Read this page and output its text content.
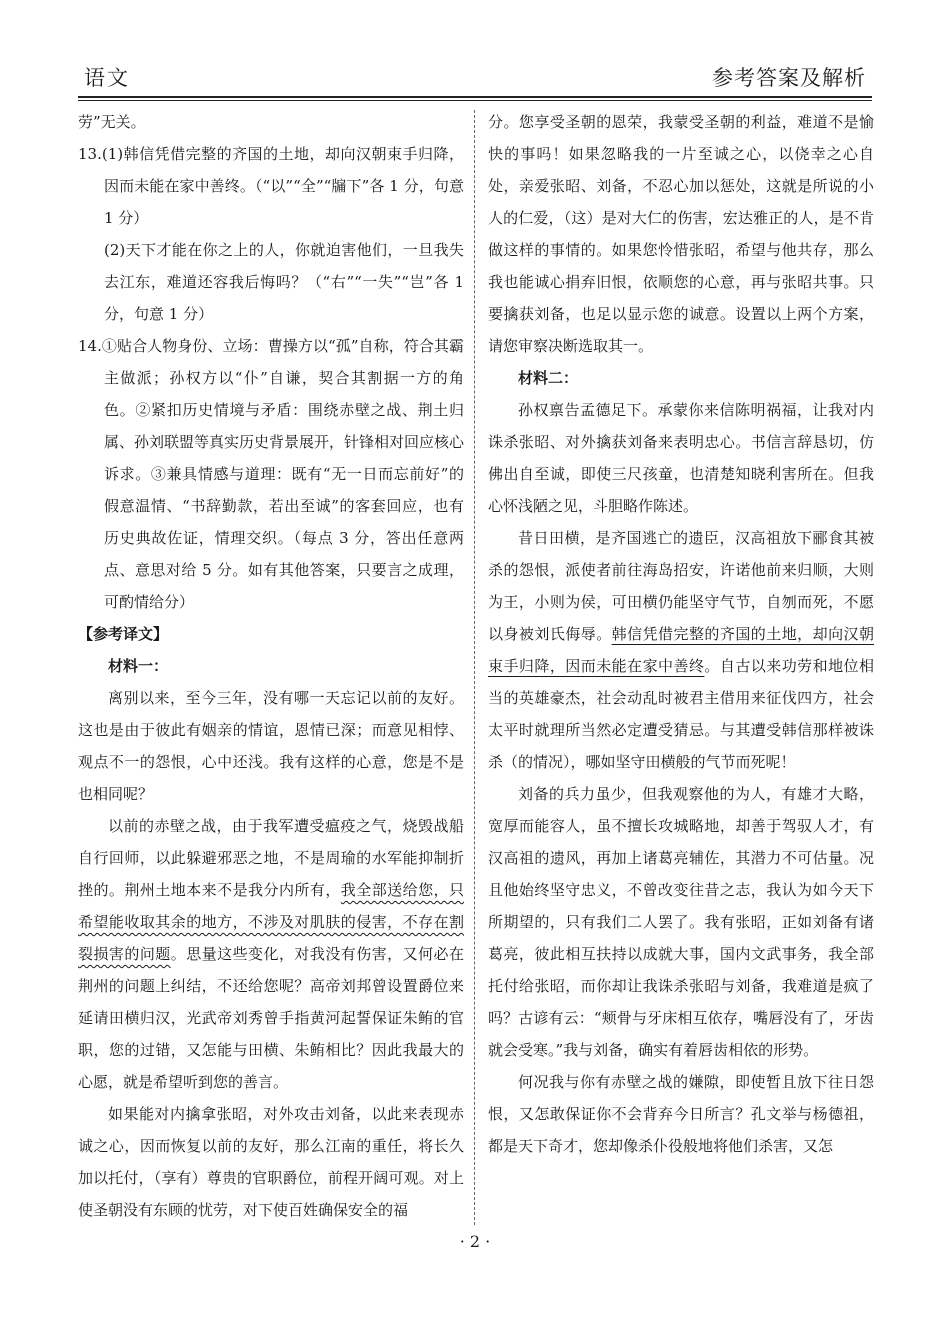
语文	参考答案及解析

劳”无关。

13.(1)韩信凭借完整的齐国的土地，却向汉朝束手归降，因而未能在家中善终。（“以”“全”“牖下”各 1 分，句意 1 分）

(2)天下才能在你之上的人，你就迫害他们，一旦我失去江东，难道还容我后悔吗？（“右”“一失”“岂”各 1 分，句意 1 分）

14.①贴合人物身份、立场：曹操方以“孤”自称，符合其霸主做派；孙权方以“仆”自谦，契合其割据一方的角色。②紧扣历史情境与矛盾：围绕赤壁之战、荆土归属、孙刘联盟等真实历史背景展开，针锋相对回应核心诉求。③兼具情感与道理：既有“无一日而忘前好”的假意温情、“书辞勤款，若出至诚”的客套回应，也有历史典故佐证，情理交织。（每点 3 分，答出任意两点、意思对给 5 分。如有其他答案，只要言之成理，可酌情给分）

【参考译文】

材料一：

离别以来，至今三年，没有哪一天忘记以前的友好。这也是由于彼此有姻亲的情谊，恩情已深；而意见相悖、观点不一的怨恨，心中还浅。我有这样的心意，您是不是也相同呢？

以前的赤壁之战，由于我军遭受瘟疫之气，烧毁战船自行回师，以此躲避邪恶之地，不是周瑜的水军能抑制折挫的。荆州土地本来不是我分内所有，我全部送给您，只希望能收取其余的地方，不涉及对肌肤的侵害，不存在割裂损害的问题。思量这些变化，对我没有伤害，又何必在荆州的问题上纠结，不还给您呢？高帝刘邦曾设置爵位来延请田横归汉，光武帝刘秀曾手指黄河起誓保证朱鲔的官职，您的过错，又怎能与田横、朱鲔相比？因此我最大的心愿，就是希望听到您的善言。

如果能对内擒拿张昭，对外攻击刘备，以此来表现赤诚之心，因而恢复以前的友好，那么江南的重任，将长久加以托付，（享有）尊贵的官职爵位，前程开阔可观。对上使圣朝没有东顾的忧劳，对下使百姓确保安全的福

分。您享受圣朝的恩荣，我蒙受圣朝的利益，难道不是愉快的事吗！如果忽略我的一片至诚之心，以侥幸之心自处，亲爱张昭、刘备，不忍心加以惩处，这就是所说的小人的仁爱，（这）是对大仁的伤害，宏达雅正的人，是不肯做这样的事情的。如果您怜惜张昭，希望与他共存，那么我也能诚心捐弃旧恨，依顺您的心意，再与张昭共事。只要擒获刘备，也足以显示您的诚意。设置以上两个方案，请您审察决断选取其一。

材料二：

孙权禀告孟德足下。承蒙你来信陈明祸福，让我对内诛杀张昭、对外擒获刘备来表明忠心。书信言辞恳切，仿佛出自至诚，即使三尺孩童，也清楚知晓利害所在。但我心怀浅陋之见，斗胆略作陈述。

昔日田横，是齐国逃亡的遗臣，汉高祖放下郦食其被杀的怨恨，派使者前往海岛招安，许诺他前来归顺，大则为王，小则为侯，可田横仍能坚守气节，自刎而死，不愿以身被刘氏侮辱。韩信凭借完整的齐国的土地，却向汉朝束手归降，因而未能在家中善终。自古以来功劳和地位相当的英雄豪杰，社会动乱时被君主借用来征伐四方，社会太平时就理所当然必定遭受猜忌。与其遭受韩信那样被诛杀（的情况），哪如坚守田横般的气节而死呢！

刘备的兵力虽少，但我观察他的为人，有雄才大略，宽厚而能容人，虽不擅长攻城略地，却善于驾驭人才，有汉高祖的遗风，再加上诸葛亮辅佐，其潜力不可估量。况且他始终坚守忠义，不曾改变往昔之志，我认为如今天下所期望的，只有我们二人罢了。我有张昭，正如刘备有诸葛亮，彼此相互扶持以成就大事，国内文武事务，我全部托付给张昭，而你却让我诛杀张昭与刘备，我难道是疯了吗？古谚有云：“颊骨与牙床相互依存，嘴唇没有了，牙齿就会受寒。”我与刘备，确实有着唇齿相依的形势。

何况我与你有赤壁之战的嫌隙，即使暂且放下往日怨恨，又怎敢保证你不会背弃今日所言？孔文举与杨德祖，都是天下奇才，您却像杀仆役般地将他们杀害，又怎

· 2 ·
